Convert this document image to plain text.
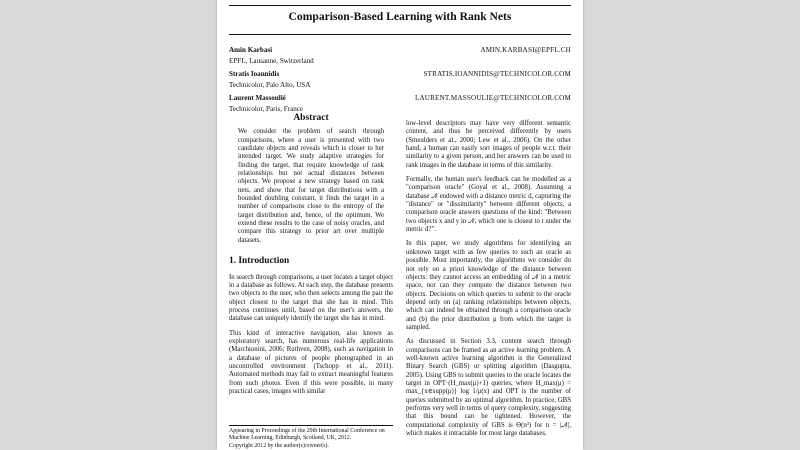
Comparison-Based Learning with Rank Nets
Amin Karbasi
EPFL, Lausanne, Switzerland
AMIN.KARBASI@EPFL.CH
Stratis Ioannidis
Technicolor, Palo Alto, USA
STRATIS.IOANNIDIS@TECHNICOLOR.COM
Laurent Massoulié
Technicolor, Paris, France
LAURENT.MASSOULIE@TECHNICOLOR.COM
Abstract
We consider the problem of search through comparisons, where a user is presented with two candidate objects and reveals which is closer to her intended target. We study adaptive strategies for finding the target, that require knowledge of rank relationships but not actual distances between objects. We propose a new strategy based on rank nets, and show that for target distributions with a bounded doubling constant, it finds the target in a number of comparisons close to the entropy of the target distribution and, hence, of the optimum. We extend these results to the case of noisy oracles, and compare this strategy to prior art over multiple datasets.
1. Introduction

In search through comparisons, a user locates a target object in a database as follows. At each step, the database presents two objects to the user, who then selects among the pair the object closest to the target that she has in mind. This process continues until, based on the user's answers, the database can uniquely identify the target she has in mind.

This kind of interactive navigation, also known as exploratory search, has numerous real-life applications (Marchionini, 2006; Ruthven, 2008), such as navigation in a database of pictures of people photographed in an uncontrolled environment (Tschopp et al., 2011). Automated methods may fail to extract meaningful features from such photos. Even if this were possible, in many practical cases, images with similar

low-level descriptors may have very different semantic content, and thus be perceived differently by users (Smeulders et al., 2000; Lew et al., 2006). On the other hand, a human can easily sort images of people w.r.t. their similarity to a given person, and her answers can be used to rank images in the database in terms of this similarity.

Formally, the human user's feedback can be modelled as a "comparison oracle" (Goyal et al., 2008). Assuming a database 𝒩 endowed with a distance metric d, capturing the "distance" or "dissimilarity" between different objects, a comparison oracle answers questions of the kind: "Between two objects x and y in 𝒩, which one is closest to t under the metric d?".

In this paper, we study algorithms for identifying an unknown target with as few queries to such an oracle as possible. Most importantly, the algorithms we consider do not rely on a priori knowledge of the distance between objects: they cannot access an embedding of 𝒩 in a metric space, nor can they compute the distance between two objects. Decisions on which queries to submit to the oracle depend only on (a) ranking relationships between objects, which can indeed be obtained through a comparison oracle and (b) the prior distribution μ from which the target is sampled.

As discussed in Section 3.3, content search through comparisons can be framed as an active learning problem. A well-known active learning algorithm is the Generalized Binary Search (GBS) or splitting algorithm (Dasgupta, 2005). Using GBS to submit queries to the oracle locates the target in OPT·(H_max(μ)+1) queries, where H_max(μ) = max_{x∈supp(μ)} log 1/μ(x) and OPT is the number of queries submitted by an optimal algorithm. In practice, GBS performs very well in terms of query complexity, suggesting that this bound can be tightened. However, the computational complexity of GBS is Θ(n³) for n = |𝒩|, which makes it intractable for most large databases.

Appearing in Proceedings of the 29th International Conference on Machine Learning, Edinburgh, Scotland, UK, 2012.

Copyright 2012 by the author(s)/owner(s).
